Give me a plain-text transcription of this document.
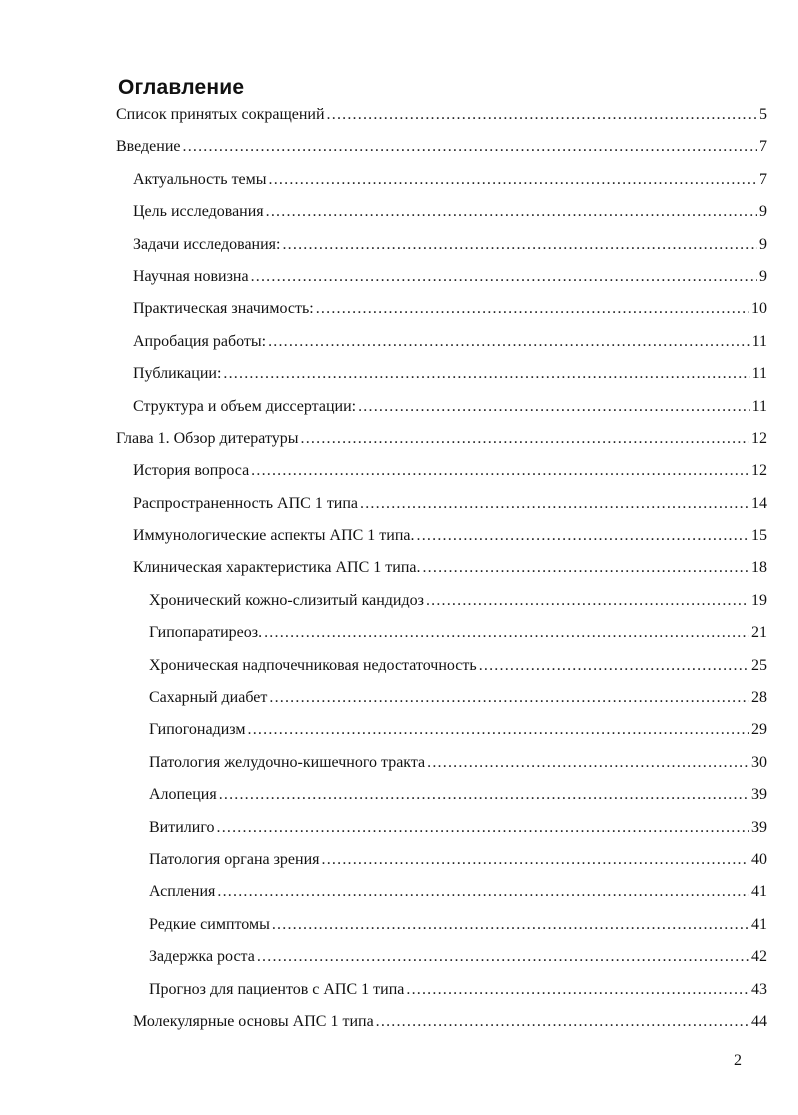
Оглавление
Список принятых сокращений .....	5
Введение .....	7
Актуальность темы .....	7
Цель исследования .....	9
Задачи исследования: .....	9
Научная новизна .....	9
Практическая значимость: .....	10
Апробация работы: .....	11
Публикации: .....	11
Структура и объем диссертации: .....	11
Глава 1. Обзор дитературы .....	12
История вопроса .....	12
Распространенность АПС 1 типа .....	14
Иммунологические аспекты АПС 1 типа. .....	15
Клиническая характеристика АПС 1 типа. .....	18
Хронический кожно-слизитый кандидоз .....	19
Гипопаратиреоз. .....	21
Хроническая надпочечниковая недостаточность .....	25
Сахарный диабет .....	28
Гипогонадизм .....	29
Патология желудочно-кишечного тракта .....	30
Алопеция .....	39
Витилиго .....	39
Патология органа зрения .....	40
Аспления .....	41
Редкие симптомы .....	41
Задержка роста .....	42
Прогноз для пациентов с АПС 1 типа .....	43
Молекулярные основы АПС 1 типа .....	44
2
